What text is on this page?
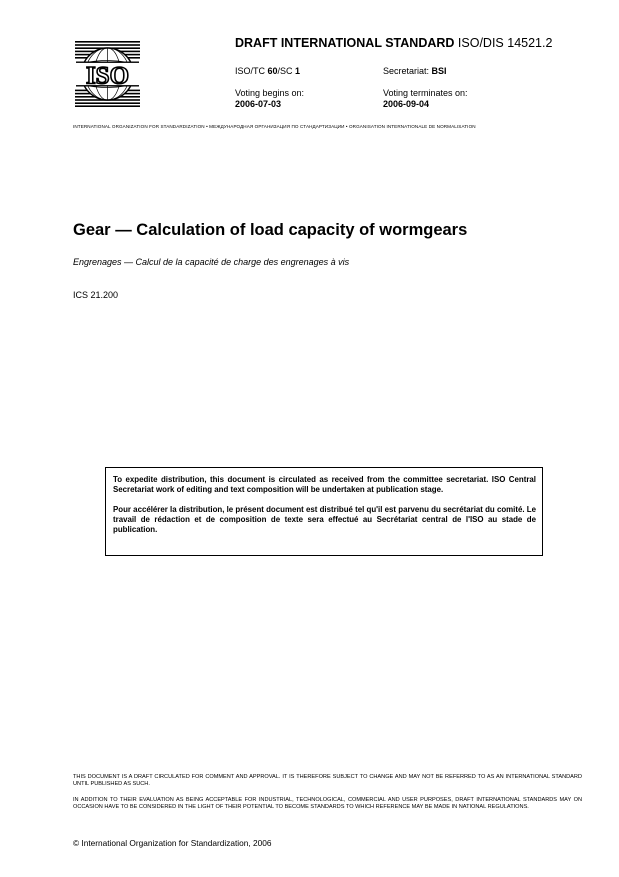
ISO
DRAFT INTERNATIONAL STANDARD ISO/DIS 14521.2
ISO/TC 60/SC 1	Secretariat: BSI
Voting begins on:
2006-07-03
Voting terminates on:
2006-09-04
INTERNATIONAL ORGANIZATION FOR STANDARDIZATION • МЕЖДУНАРОДНАЯ ОРГАНИЗАЦИЯ ПО СТАНДАРТИЗАЦИИ • ORGANISATION INTERNATIONALE DE NORMALISATION
Gear — Calculation of load capacity of wormgears
Engrenages — Calcul de la capacité de charge des engrenages à vis
ICS 21.200

To expedite distribution, this document is circulated as received from the committee secretariat. ISO Central Secretariat work of editing and text composition will be undertaken at publication stage.

Pour accélérer la distribution, le présent document est distribué tel qu'il est parvenu du secrétariat du comité. Le travail de rédaction et de composition de texte sera effectué au Secrétariat central de l'ISO au stade de publication.

THIS DOCUMENT IS A DRAFT CIRCULATED FOR COMMENT AND APPROVAL. IT IS THEREFORE SUBJECT TO CHANGE AND MAY NOT BE REFERRED TO AS AN INTERNATIONAL STANDARD UNTIL PUBLISHED AS SUCH.
IN ADDITION TO THEIR EVALUATION AS BEING ACCEPTABLE FOR INDUSTRIAL, TECHNOLOGICAL, COMMERCIAL AND USER PURPOSES, DRAFT INTERNATIONAL STANDARDS MAY ON OCCASION HAVE TO BE CONSIDERED IN THE LIGHT OF THEIR POTENTIAL TO BECOME STANDARDS TO WHICH REFERENCE MAY BE MADE IN NATIONAL REGULATIONS.
© International Organization for Standardization, 2006
